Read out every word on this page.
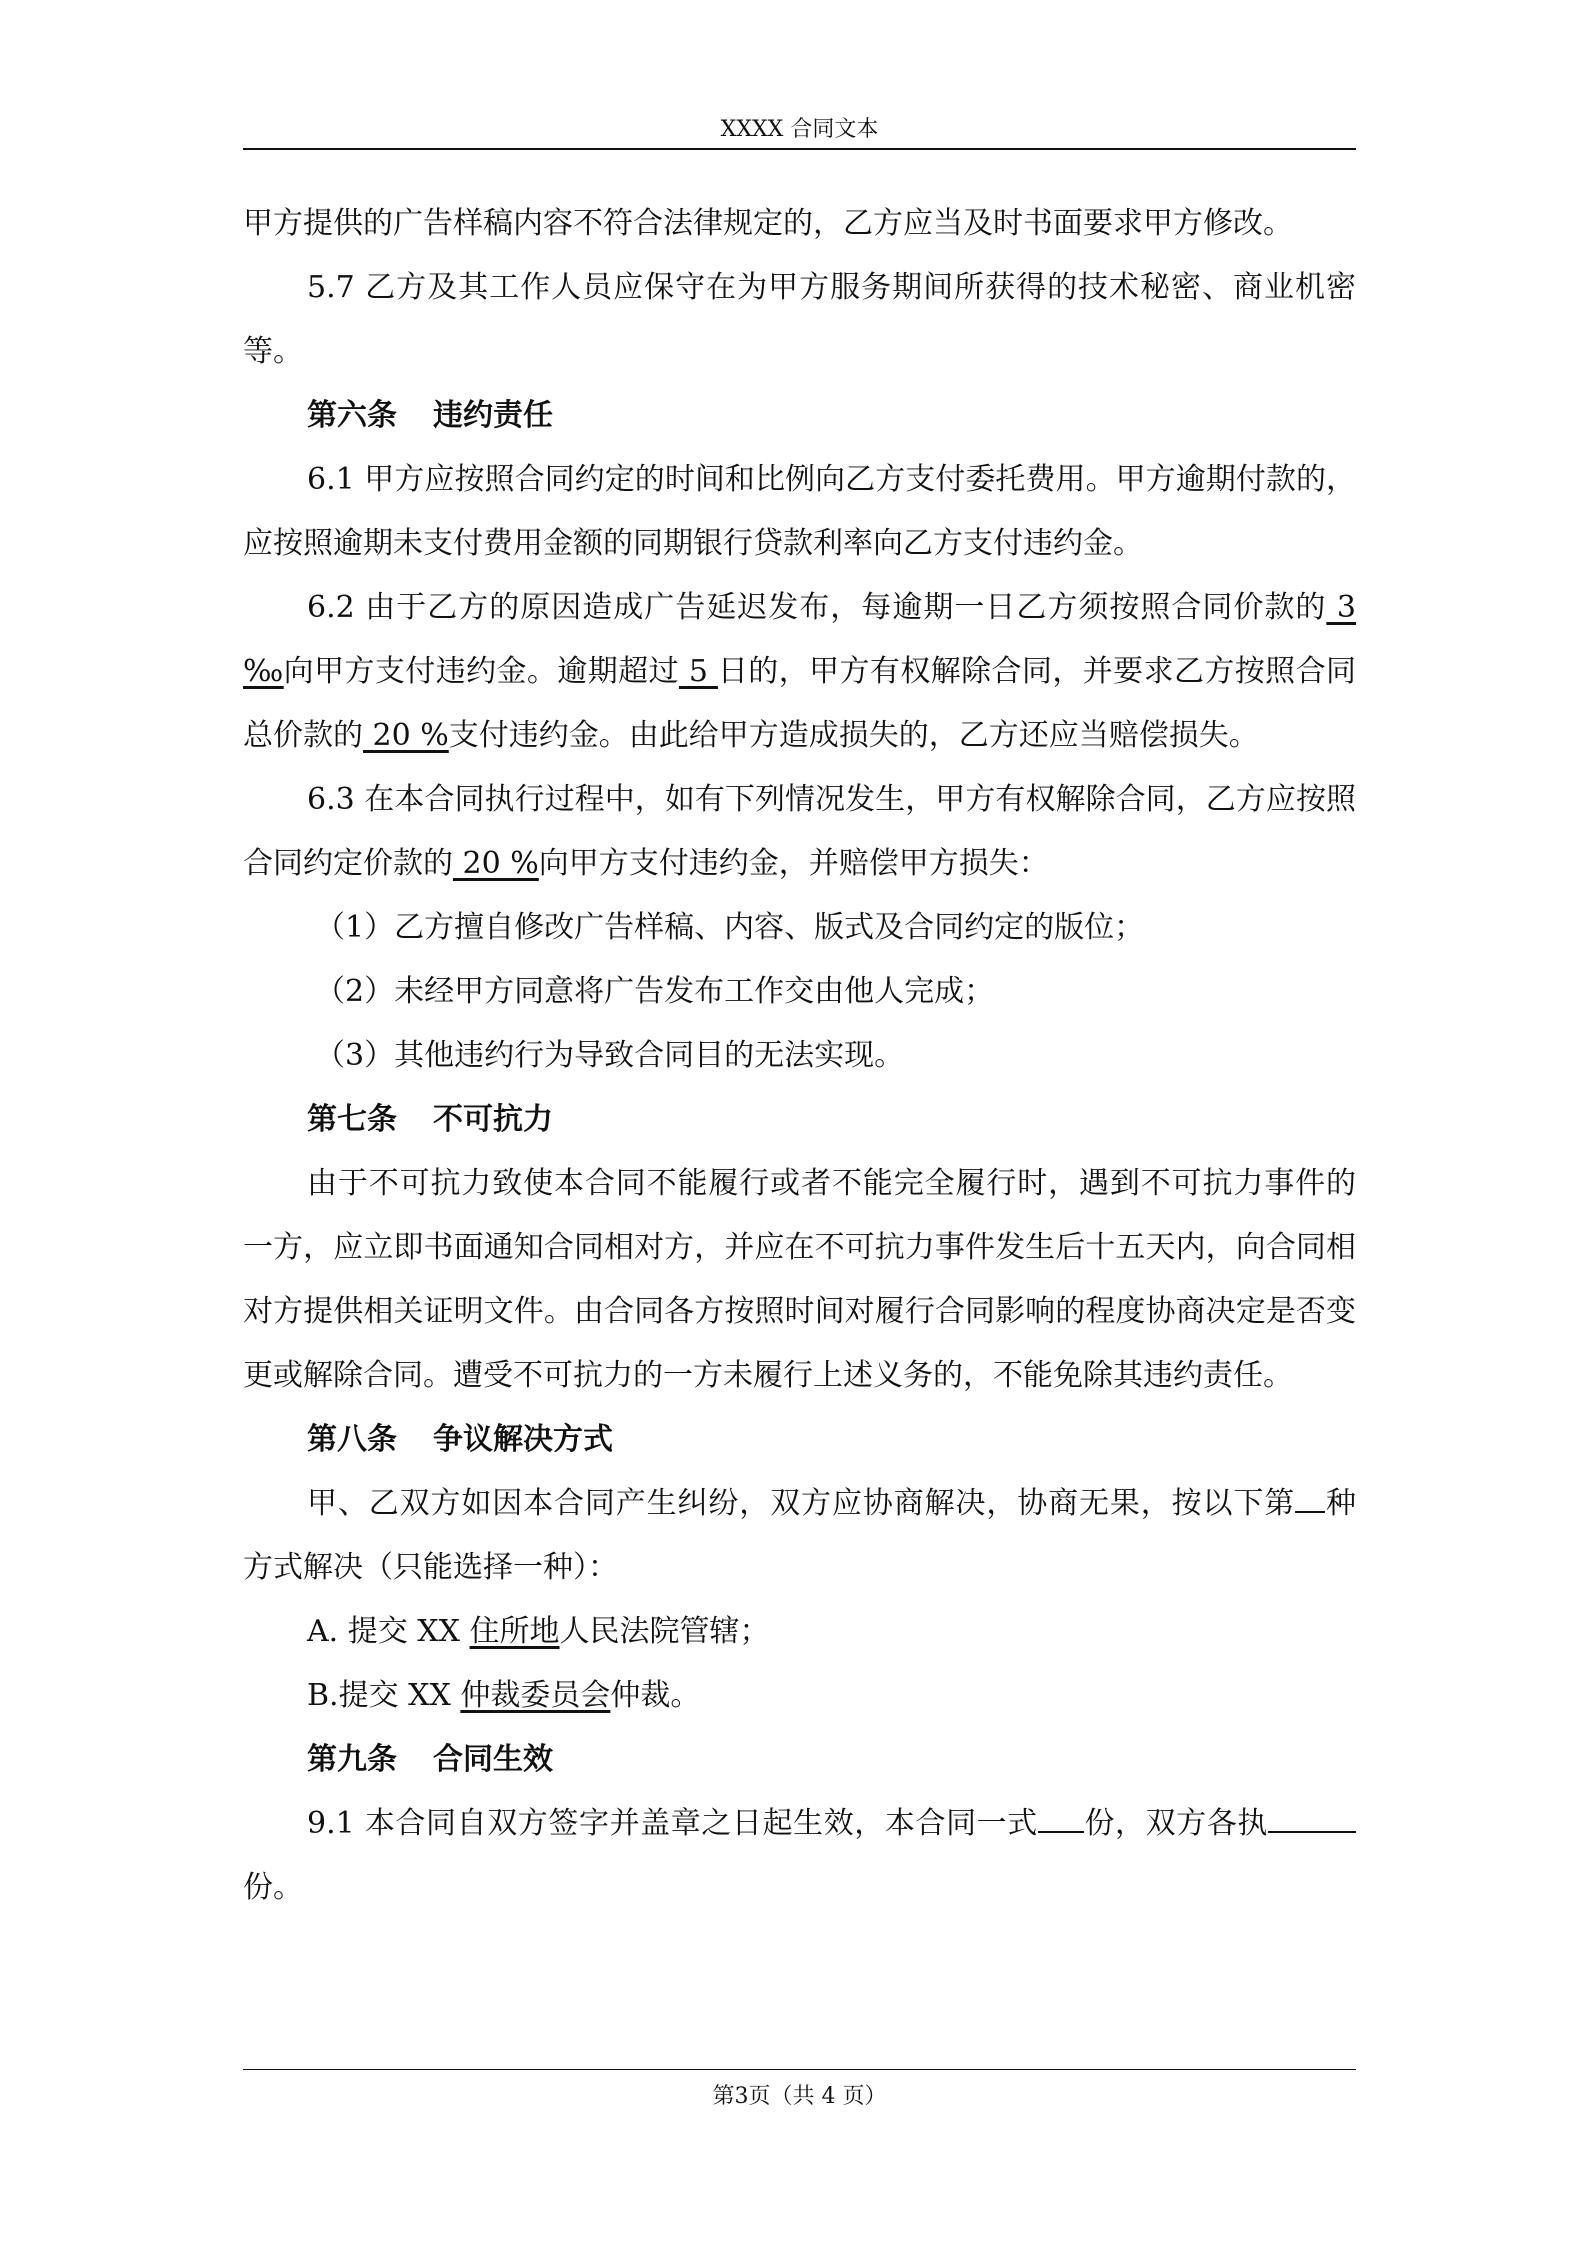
XXXX 合同文本

甲方提供的广告样稿内容不符合法律规定的，乙方应当及时书面要求甲方修改。

5.7 乙方及其工作人员应保守在为甲方服务期间所获得的技术秘密、商业机密等。

第六条 违约责任

6.1 甲方应按照合同约定的时间和比例向乙方支付委托费用。甲方逾期付款的，应按照逾期未支付费用金额的同期银行贷款利率向乙方支付违约金。

6.2 由于乙方的原因造成广告延迟发布，每逾期一日乙方须按照合同价款的 3 ‰向甲方支付违约金。逾期超过 5 日的，甲方有权解除合同，并要求乙方按照合同总价款的 20 %支付违约金。由此给甲方造成损失的，乙方还应当赔偿损失。

6.3 在本合同执行过程中，如有下列情况发生，甲方有权解除合同，乙方应按照合同约定价款的 20 %向甲方支付违约金，并赔偿甲方损失：

（1）乙方擅自修改广告样稿、内容、版式及合同约定的版位；

（2）未经甲方同意将广告发布工作交由他人完成；

（3）其他违约行为导致合同目的无法实现。

第七条 不可抗力

由于不可抗力致使本合同不能履行或者不能完全履行时，遇到不可抗力事件的一方，应立即书面通知合同相对方，并应在不可抗力事件发生后十五天内，向合同相对方提供相关证明文件。由合同各方按照时间对履行合同影响的程度协商决定是否变更或解除合同。遭受不可抗力的一方未履行上述义务的，不能免除其违约责任。

第八条 争议解决方式

甲、乙双方如因本合同产生纠纷，双方应协商解决，协商无果，按以下第 种方式解决（只能选择一种）：

A. 提交 XX 住所地人民法院管辖；

B.提交 XX 仲裁委员会仲裁。

第九条 合同生效

9.1 本合同自双方签字并盖章之日起生效，本合同一式 份，双方各执份。

第3页（共 4 页）
